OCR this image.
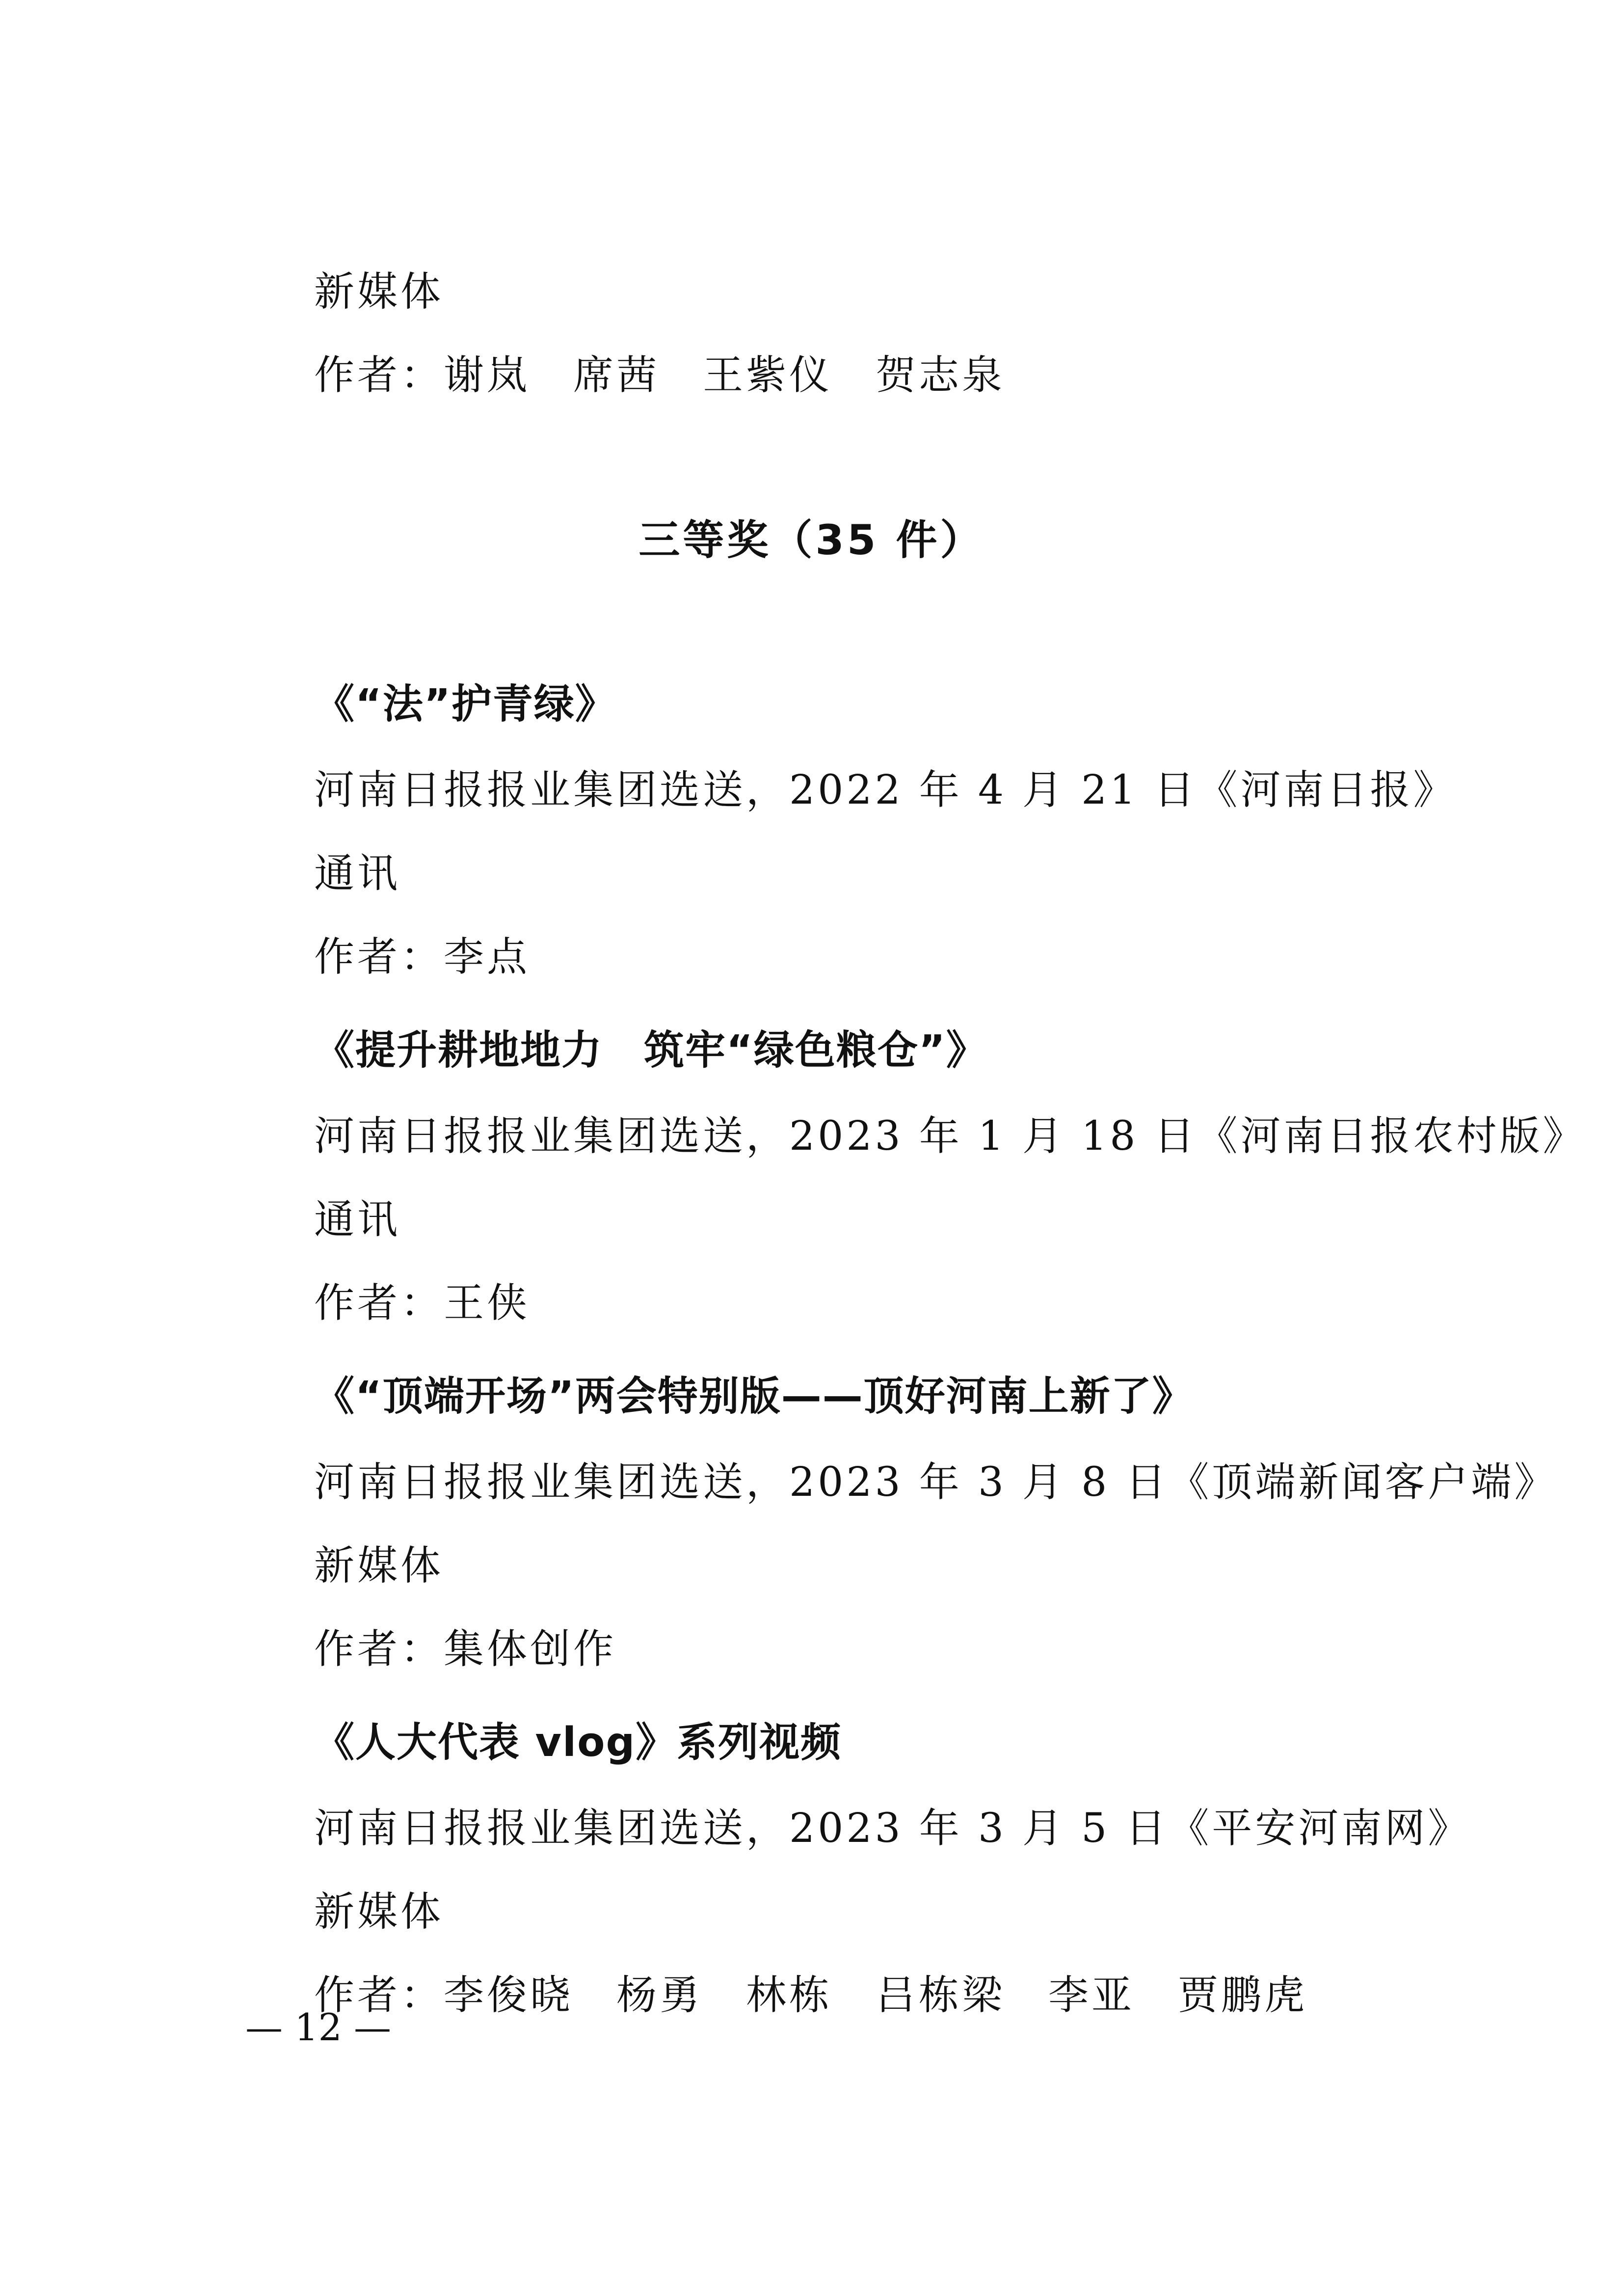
新媒体
作者：谢岚　席茜　王紫仪　贺志泉
三等奖（35 件）
《“法”护青绿》
河南日报报业集团选送，2022 年 4 月 21 日《河南日报》
通讯
作者：李点
《提升耕地地力　筑牢“绿色粮仓”》
河南日报报业集团选送，2023 年 1 月 18 日《河南日报农村版》
通讯
作者：王侠
《“顶端开场”两会特别版——顶好河南上新了》
河南日报报业集团选送，2023 年 3 月 8 日《顶端新闻客户端》
新媒体
作者：集体创作
《人大代表 vlog》系列视频
河南日报报业集团选送，2023 年 3 月 5 日《平安河南网》
新媒体
作者：李俊晓　杨勇　林栋　吕栋梁　李亚　贾鹏虎
— 12 —
